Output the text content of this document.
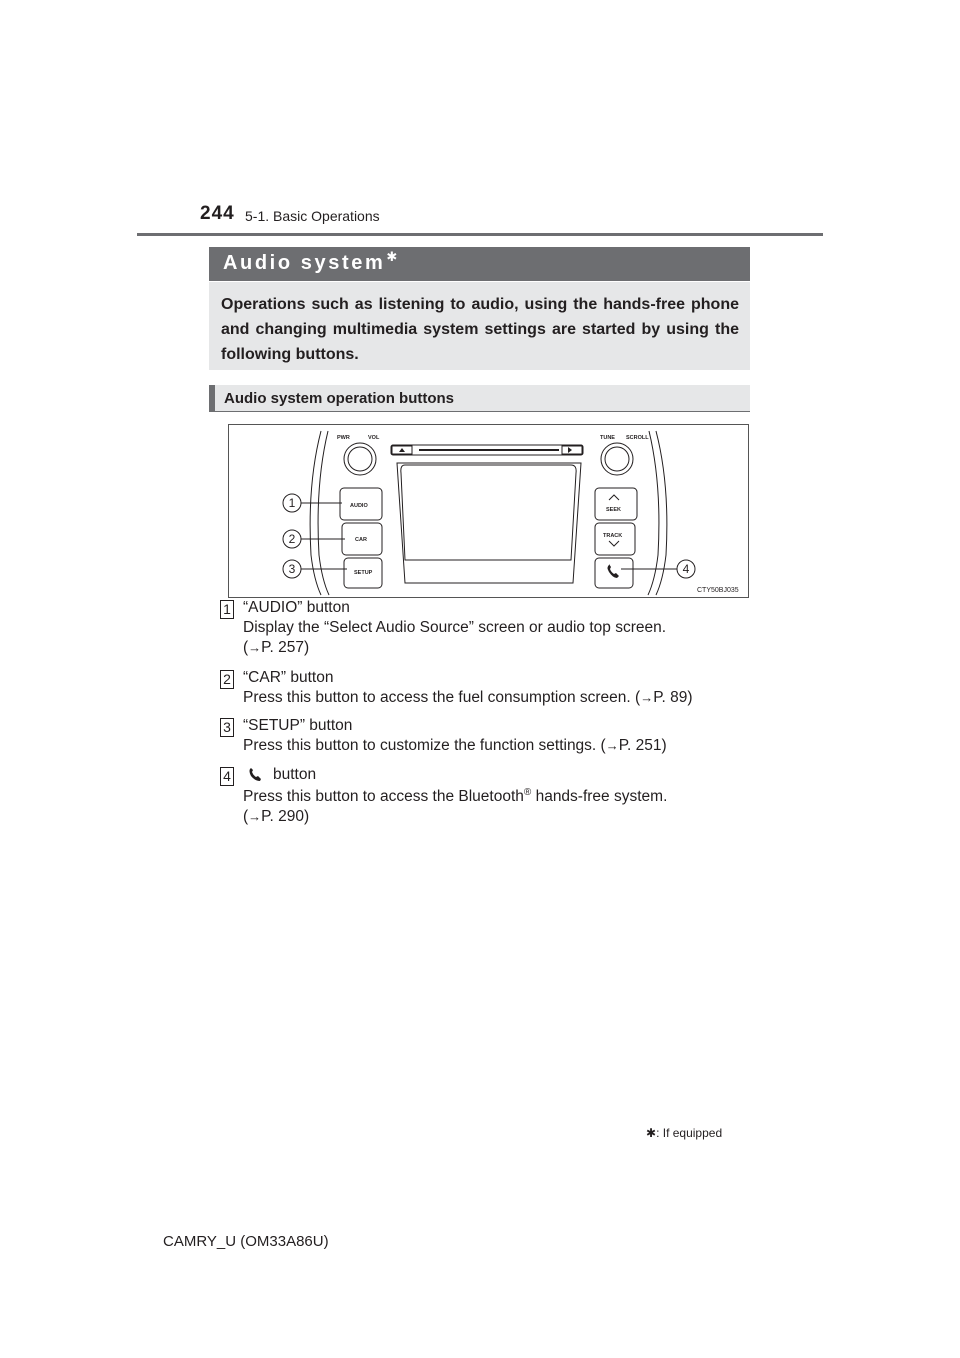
244 5-1. Basic Operations
Audio system✱
Operations such as listening to audio, using the hands-free phone and changing multimedia system settings are started by using the following buttons.
Audio system operation buttons
PWR	VOL	TUNE SCROLL
AUDIO
CAR
SETUP
SEEK
TRACK
1
2
3	4
CTY50BJ035
1 “AUDIO” button
Display the “Select Audio Source” screen or audio top screen.
(→P. 257)
2 “CAR” button
Press this button to access the fuel consumption screen. (→P. 89)
3 “SETUP” button
Press this button to customize the function settings. (→P. 251)
4	button
Press this button to access the Bluetooth® hands-free system.
(→P. 290)
✱: If equipped
CAMRY_U (OM33A86U)
